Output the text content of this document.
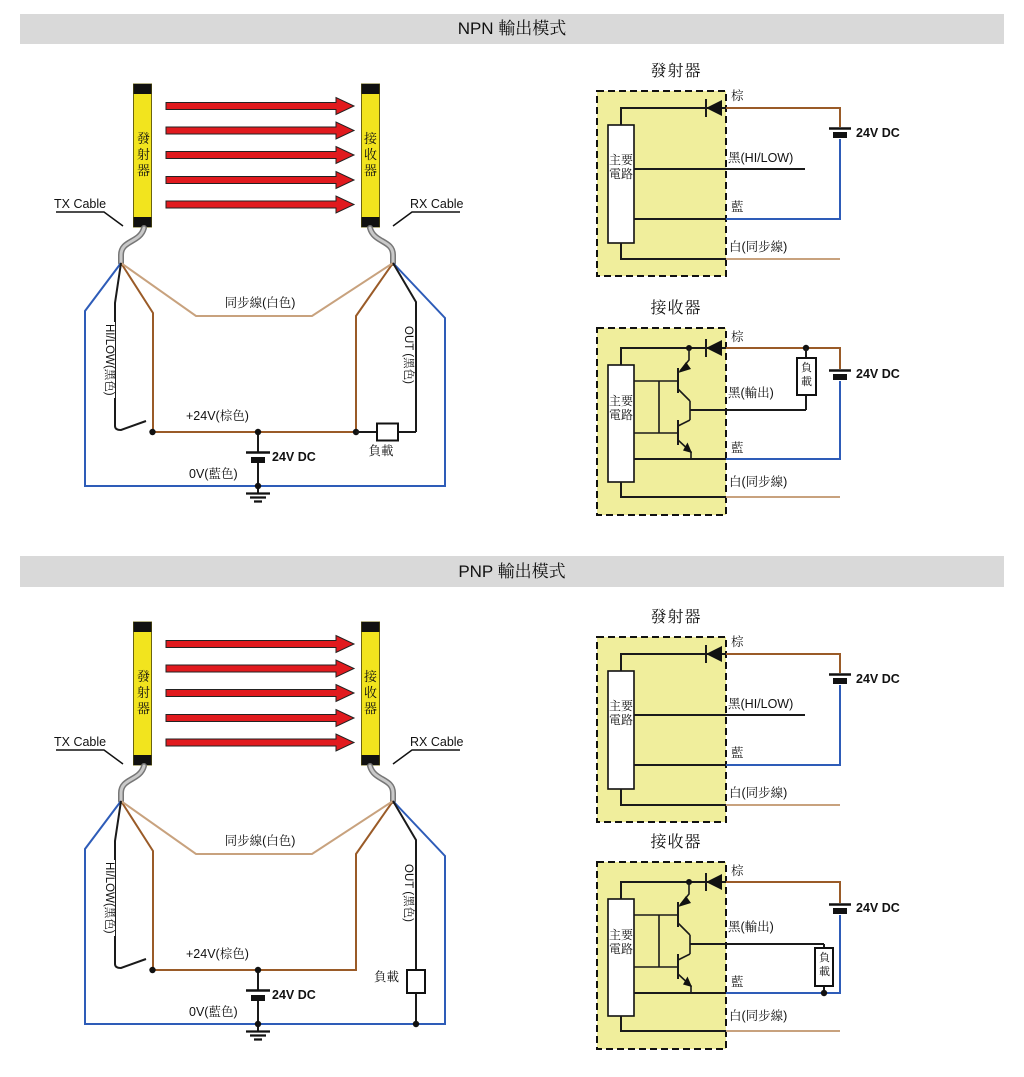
NPN 輸出模式
PNP 輸出模式
發射器
接收器
TX Cable	RX Cable
同步線(白色)
HI/LOW(黑色)	OUT (黑色)
+24V(棕色)
24V DC
0V(藍色)
負載
發射器
主要電路
棕
黑(HI/LOW)
藍
白(同步線)
24V DC
接收器
主要電路
棕
黑(輸出)
藍
白(同步線)
24V DC
負載
發射器
接收器
TX Cable	RX Cable
同步線(白色)
HI/LOW(黑色)	OUT (黑色)
+24V(棕色)
24V DC
0V(藍色)
負載
發射器
主要電路
棕
黑(HI/LOW)
藍
白(同步線)
24V DC
接收器
主要電路
棕
黑(輸出)
藍
白(同步線)
24V DC
負載
